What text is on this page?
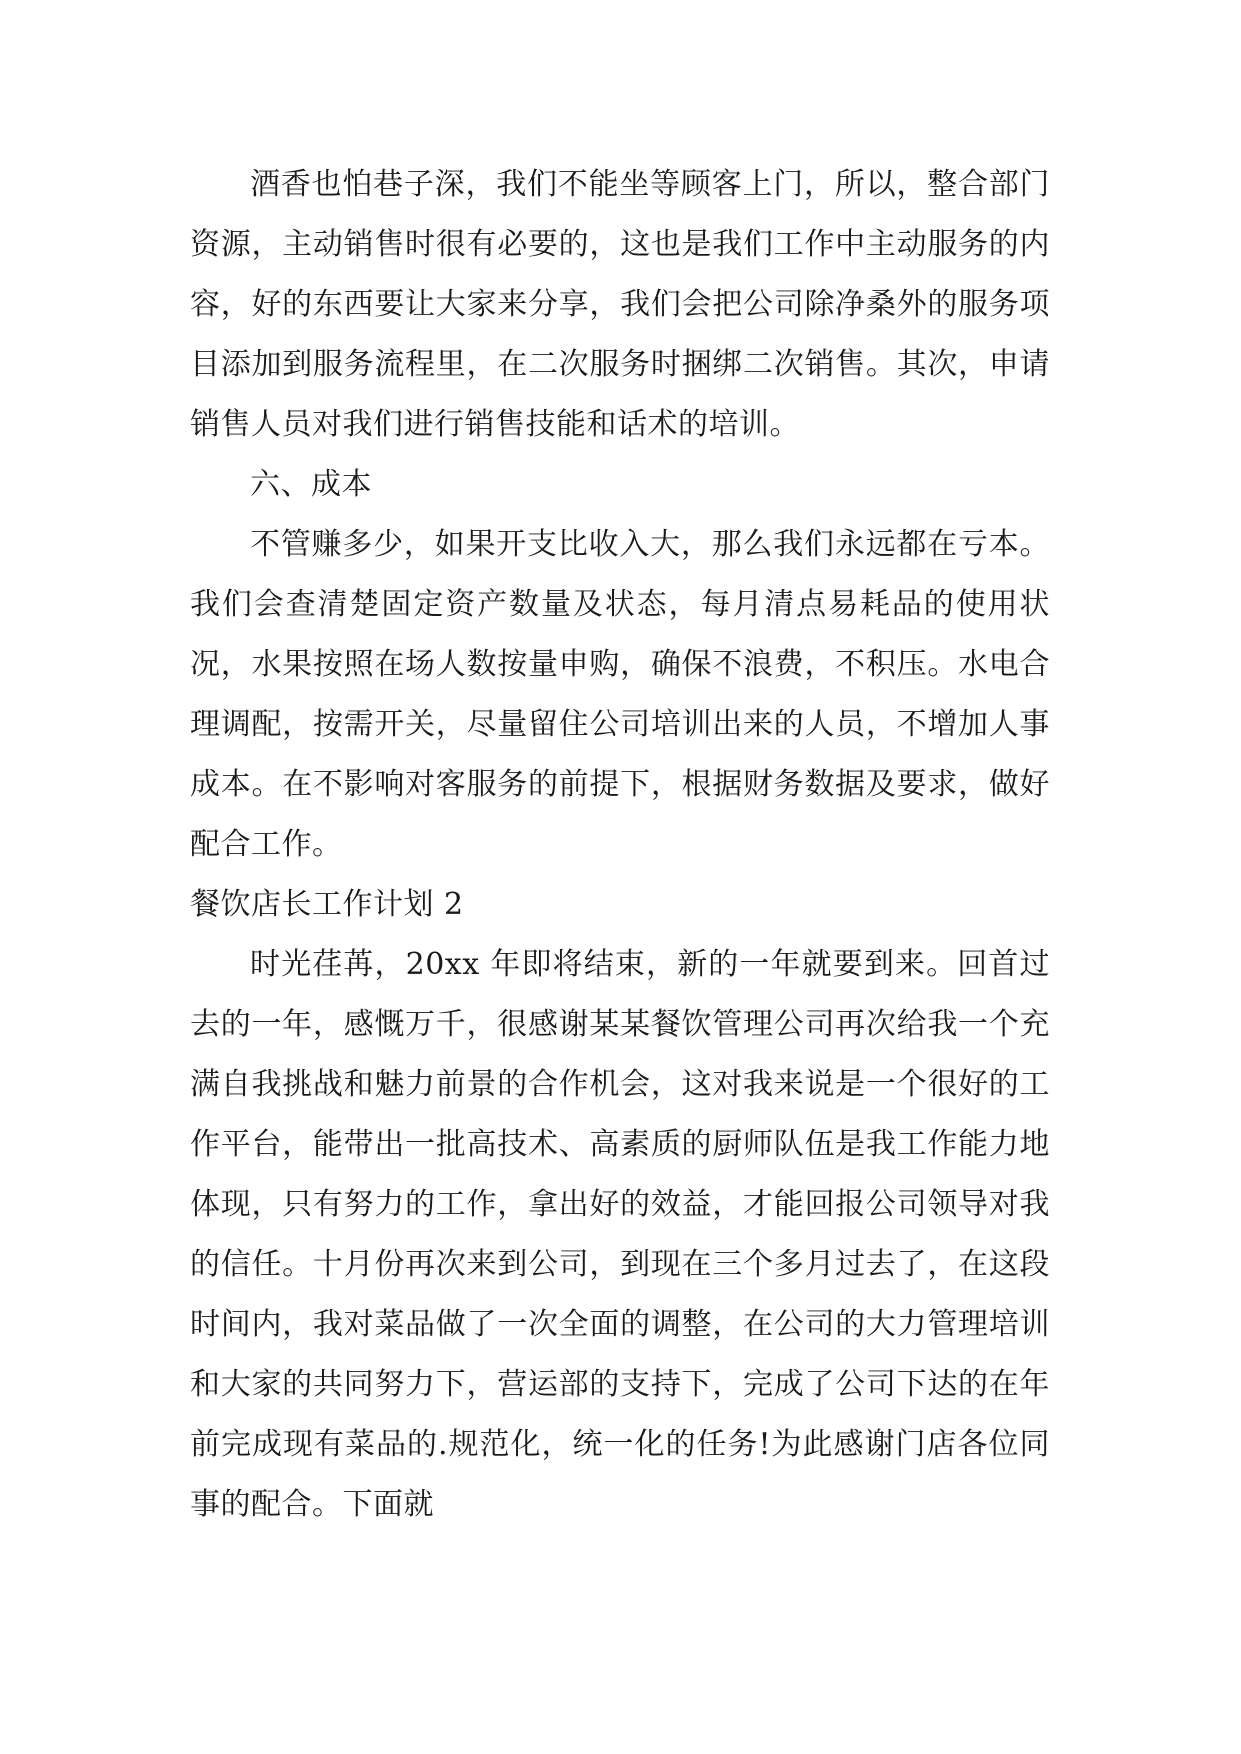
酒香也怕巷子深，我们不能坐等顾客上门，所以，整合部门资源，主动销售时很有必要的，这也是我们工作中主动服务的内容，好的东西要让大家来分享，我们会把公司除净桑外的服务项目添加到服务流程里，在二次服务时捆绑二次销售。其次，申请销售人员对我们进行销售技能和话术的培训。

六、成本

不管赚多少，如果开支比收入大，那么我们永远都在亏本。我们会查清楚固定资产数量及状态，每月清点易耗品的使用状况，水果按照在场人数按量申购，确保不浪费，不积压。水电合理调配，按需开关，尽量留住公司培训出来的人员，不增加人事成本。在不影响对客服务的前提下，根据财务数据及要求，做好配合工作。

餐饮店长工作计划 2

时光荏苒，20xx 年即将结束，新的一年就要到来。回首过去的一年，感慨万千，很感谢某某餐饮管理公司再次给我一个充满自我挑战和魅力前景的合作机会，这对我来说是一个很好的工作平台，能带出一批高技术、高素质的厨师队伍是我工作能力地体现，只有努力的工作，拿出好的效益，才能回报公司领导对我的信任。十月份再次来到公司，到现在三个多月过去了，在这段时间内，我对菜品做了一次全面的调整，在公司的大力管理培训和大家的共同努力下，营运部的支持下，完成了公司下达的在年前完成现有菜品的.规范化，统一化的任务!为此感谢门店各位同事的配合。下面就
